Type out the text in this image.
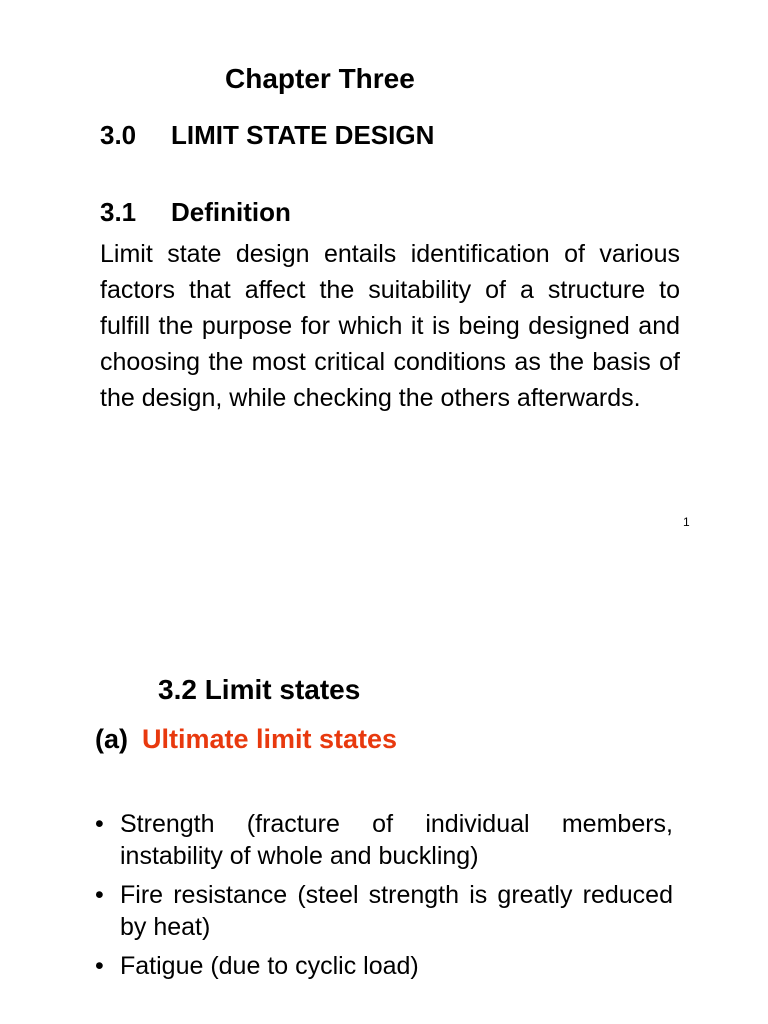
Chapter Three
3.0 LIMIT STATE DESIGN
3.1 Definition
Limit state design entails identification of various factors that affect the suitability of a structure to fulfill the purpose for which it is being designed and choosing the most critical conditions as the basis of the design, while checking the others afterwards.
1
3.2 Limit states
(a) Ultimate limit states
• Strength (fracture of individual members, instability of whole and buckling)
• Fire resistance (steel strength is greatly reduced by heat)
• Fatigue (due to cyclic load)
